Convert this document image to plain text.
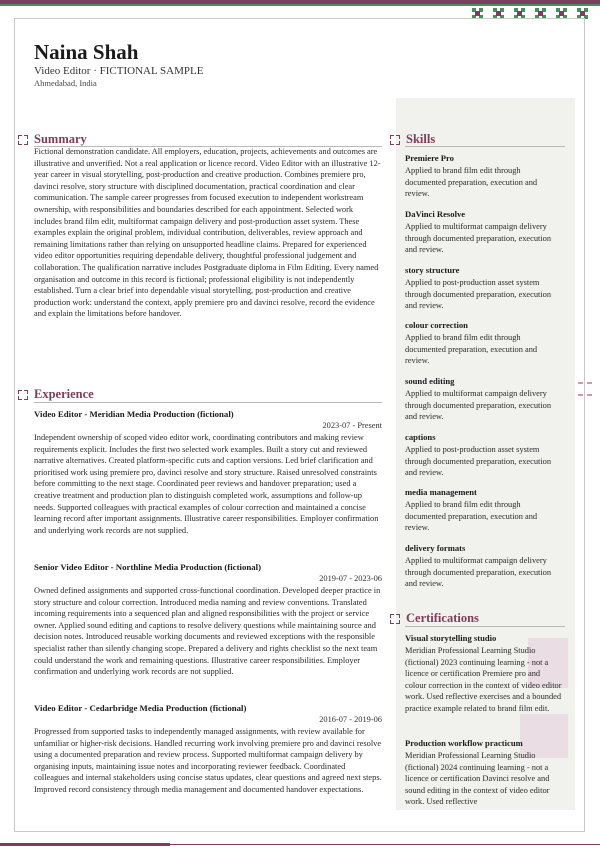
Naina Shah
Video Editor · FICTIONAL SAMPLE
Ahmedabad, India
Summary
Fictional demonstration candidate. All employers, education, projects, achievements and outcomes are illustrative and unverified. Not a real application or licence record. Video Editor with an illustrative 12-year career in visual storytelling, post-production and creative production. Combines premiere pro, davinci resolve, story structure with disciplined documentation, practical coordination and clear communication. The sample career progresses from focused execution to independent workstream ownership, with responsibilities and boundaries described for each appointment. Selected work includes brand film edit, multiformat campaign delivery and post-production asset system. These examples explain the original problem, individual contribution, deliverables, review approach and remaining limitations rather than relying on unsupported headline claims. Prepared for experienced video editor opportunities requiring dependable delivery, thoughtful professional judgement and collaboration. The qualification narrative includes Postgraduate diploma in Film Editing. Every named organisation and outcome in this record is fictional; professional eligibility is not independently established. Turn a clear brief into dependable visual storytelling, post-production and creative production work: understand the context, apply premiere pro and davinci resolve, record the evidence and explain the limitations before handover.
Experience
Video Editor - Meridian Media Production (fictional)
2023-07 - Present
Independent ownership of scoped video editor work, coordinating contributors and making review requirements explicit. Includes the first two selected work examples. Built a story cut and reviewed narrative alternatives. Created platform-specific cuts and caption versions. Led brief clarification and prioritised work using premiere pro, davinci resolve and story structure. Raised unresolved constraints before committing to the next stage. Coordinated peer reviews and handover preparation; used a creative treatment and production plan to distinguish completed work, assumptions and follow-up needs. Supported colleagues with practical examples of colour correction and maintained a concise learning record after important assignments. Illustrative career responsibilities. Employer confirmation and underlying work records are not supplied.
Senior Video Editor - Northline Media Production (fictional)
2019-07 - 2023-06
Owned defined assignments and supported cross-functional coordination. Developed deeper practice in story structure and colour correction. Introduced media naming and review conventions. Translated incoming requirements into a sequenced plan and aligned responsibilities with the project or service owner. Applied sound editing and captions to resolve delivery questions while maintaining source and decision notes. Introduced reusable working documents and reviewed exceptions with the responsible specialist rather than silently changing scope. Prepared a delivery and rights checklist so the next team could understand the work and remaining questions. Illustrative career responsibilities. Employer confirmation and underlying work records are not supplied.
Video Editor - Cedarbridge Media Production (fictional)
2016-07 - 2019-06
Progressed from supported tasks to independently managed assignments, with review available for unfamiliar or higher-risk decisions. Handled recurring work involving premiere pro and davinci resolve using a documented preparation and review process. Supported multiformat campaign delivery by organising inputs, maintaining issue notes and incorporating reviewer feedback. Coordinated colleagues and internal stakeholders using concise status updates, clear questions and agreed next steps. Improved record consistency through media management and documented handover expectations.
Skills
Premiere Pro
Applied to brand film edit through documented preparation, execution and review.
DaVinci Resolve
Applied to multiformat campaign delivery through documented preparation, execution and review.
story structure
Applied to post-production asset system through documented preparation, execution and review.
colour correction
Applied to brand film edit through documented preparation, execution and review.
sound editing
Applied to multiformat campaign delivery through documented preparation, execution and review.
captions
Applied to post-production asset system through documented preparation, execution and review.
media management
Applied to brand film edit through documented preparation, execution and review.
delivery formats
Applied to multiformat campaign delivery through documented preparation, execution and review.
Certifications
Visual storytelling studio
Meridian Professional Learning Studio (fictional) 2023 continuing learning - not a licence or certification Premiere pro and colour correction in the context of video editor work. Used reflective exercises and a bounded practice example related to brand film edit.
Production workflow practicum
Meridian Professional Learning Studio (fictional) 2024 continuing learning - not a licence or certification Davinci resolve and sound editing in the context of video editor work. Used reflective
